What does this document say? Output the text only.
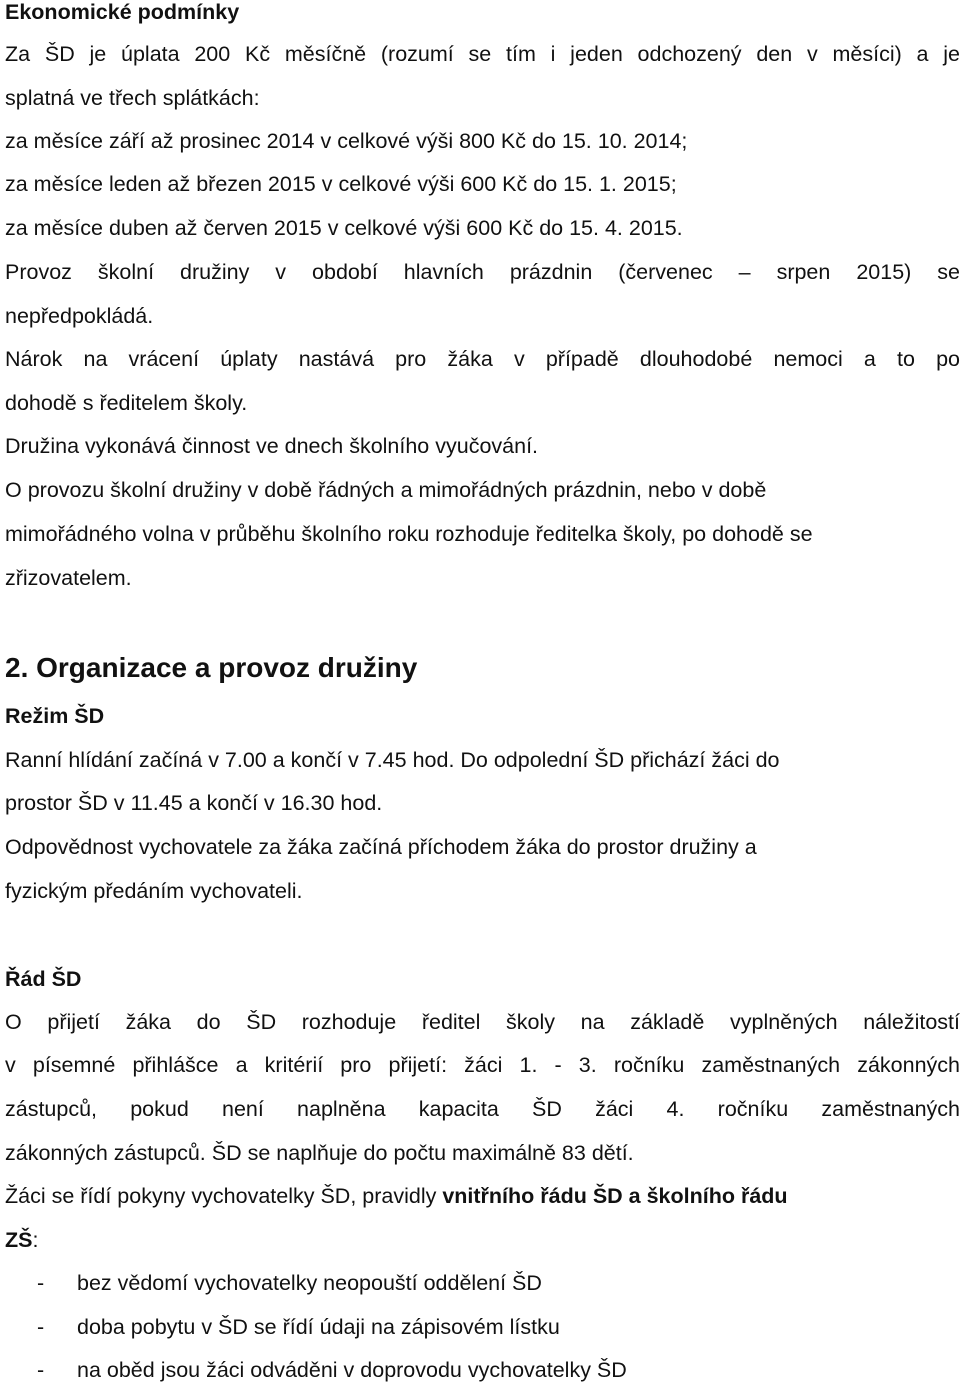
Ekonomické podmínky
Za ŠD je úplata 200 Kč měsíčně (rozumí se tím i jeden odchozený den v měsíci) a je
splatná ve třech splátkách:
za měsíce září až prosinec 2014 v celkové výši 800 Kč do 15. 10. 2014;
za měsíce leden až březen 2015 v celkové výši 600 Kč do 15. 1. 2015;
za měsíce duben až červen 2015 v celkové výši 600 Kč do 15. 4. 2015.
Provoz školní družiny v období hlavních prázdnin (červenec – srpen 2015) se
nepředpokládá.
Nárok na vrácení úplaty nastává pro žáka v případě dlouhodobé nemoci a to po
dohodě s ředitelem školy.
Družina vykonává činnost ve dnech školního vyučování.
O provozu školní družiny v době řádných a mimořádných prázdnin, nebo v době
mimořádného volna v průběhu školního roku rozhoduje ředitelka školy, po dohodě se
zřizovatelem.
2. Organizace a provoz družiny
Režim ŠD
Ranní hlídání začíná v 7.00 a končí v 7.45 hod. Do odpolední ŠD přichází žáci do
prostor ŠD v 11.45 a končí v 16.30 hod.
Odpovědnost vychovatele za žáka začíná příchodem žáka do prostor družiny a
fyzickým předáním vychovateli.
Řád ŠD
O přijetí žáka do ŠD rozhoduje ředitel školy na základě vyplněných náležitostí
v písemné přihlášce a kritérií pro přijetí: žáci 1. - 3. ročníku zaměstnaných zákonných
zástupců, pokud není naplněna kapacita ŠD žáci 4. ročníku zaměstnaných
zákonných zástupců. ŠD se naplňuje do počtu maximálně 83 dětí.
Žáci se řídí pokyny vychovatelky ŠD, pravidly vnitřního řádu ŠD a školního řádu
ZŠ:
- bez vědomí vychovatelky neopouští oddělení ŠD
- doba pobytu v ŠD se řídí údaji na zápisovém lístku
- na oběd jsou žáci odváděni v doprovodu vychovatelky ŠD
